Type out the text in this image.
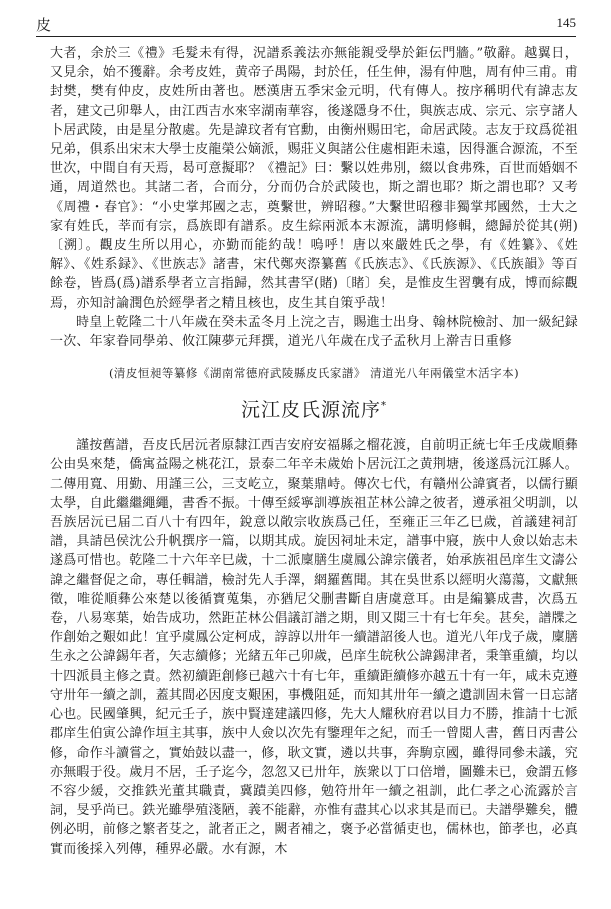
皮	145

大者，余於三《禮》毛髮未有得，況譜系義法亦無能親受學於鉅伝門牆。”敬辭。越翼日，又見余，始不獲辭。余考皮姓，黄帝子禺陽，封於任，任生伸，湯有仲虺，周有仲三甫。甫封樊，樊有仲皮，皮姓所由著也。厯漢唐五季宋金元明，代有傳人。按序稱明代有諱志友者，建文己卯舉人，由江西吉水來宰湖南華容，後遂隱身不仕，與族志成、宗元、宗亨諸人卜居武陵，由是星分散處。先是諱玟者有官勳，由衡州赐田宅，命居武陵。志友于玟爲從祖兄弟，俱系出宋末大學士皮龍榮公嫡派，赐莊义與諸公住處相距未遠，因得滙合源流，不至世次，中間自有天焉，曷可意擬耶？《禮記》曰：繫以姓弗別，綴以食弗殊，百世而婚姻不通，周道然也。其諸二者，合而分，分而仍合於武陵也，斯之謂也耶？斯之謂也耶？又考《周禮・春官》：“小史掌邦國之志，奠繫世，辨昭穆。”大繫世昭穆非獨掌邦國然，士大之家有姓氏，莘而有宗，爲族即有譜系。皮生綜兩派本末源流，講明修輯，總歸於從其(朔)〔溯〕。觀皮生所以用心，亦勤而能約哉！嗚呼！唐以來嚴姓氏之學，有《姓纂》、《姓解》、《姓系録》、《世族志》諸書，宋代鄭夾漈纂舊《氏族志》、《氏族源》、《氏族韻》等百餘卷，皆爲(爲)譜系學者立言指歸，然其書罕(賭)〔睹〕矣，是惟皮生習襲有成，博而綜觀焉，亦知討論潤色於經學者之精且核也，皮生其自策乎哉！

時皇上乾隆二十八年歲在癸未孟冬月上浣之吉，賜進士出身、翰林院檢討、加一級紀録一次、年家眷同學弟、攸江陳夢元拜撰，道光八年歲在戊子孟秋月上澣吉日重修

(清皮恒昶等纂修《湖南常德府武陵縣皮氏家譜》 清道光八年兩儀堂木活字本)
沅江皮氏源流序*

謹按舊譜，吾皮氏居沅者原隸江西吉安府安福縣之榴花渡，自前明正統七年壬戌歲順彝公由吳來楚，僑寓益陽之桃花江，景泰二年辛未歲始卜居沅江之黄荆塘，後遂爲沅江縣人。二傳用寬、用勤、用謹三公，三支屹立，聚葉鼎峙。傳次七代，有贛州公諱賓者，以儒行顯太學，自此繼繼繩繩，書香不振。十傳至綏寧訓導族祖芷林公諱之彼者，遵承祖父明訓，以吾族居沅已届二百八十有四年，銳意以敞宗收族爲己任，至雍正三年乙巳歲，首議建祠訂譜，具請邑侯沈公升帆撰序一篇，以期其成。旋因祠址未定，譜事中寢，族中人僉以始志未遂爲可惜也。乾隆二十六年辛巳歲，十二派廩膳生虞鳳公諱宗儀者，始承族祖邑庠生文濤公諱之繼督促之命，專任輯譜，檢討先人手澤，網羅舊聞。其在吳世系以經明火蕩蕩，文獻無徵，唯從順彝公來楚以後循寳蒐集，亦猶尼父删書斷自唐虞意耳。由是編纂成書，次爲五卷，八易寒葉，始告成功，然距芷林公倡議訂譜之期，則又閲三十有七年矣。甚矣，譜牒之作創始之艱如此！宜乎虞鳳公定柯成，諄諄以卅年一續譜詔後人也。道光八年戊子歲，廩膳生永之公諱錫年者，矢志續修；光緒五年己卯歲，邑庠生皖秋公諱錫津者，秉筆重續，均以十四派員主修之責。然初續距創修已越六十有七年，重續距續修亦越五十有一年，咸未克遵守卅年一續之訓，蓋其間必因度支艱困，事機阻延，而知其卅年一續之遺訓固未嘗一日忘諸心也。民國肇興，紀元壬子，族中賢達建議四修，先大人耀秋府君以目力不勝，推請十七派郡庠生伯寅公諱作垣主其事，族中人僉以次先有鑒理年之紀，而壬一曾閲人書，舊日丙書公修，命作斗讀嘗之，實始鼓以盡一，修，耿文實，遴以共事，奔駒京國，雖得同參未議，究亦無暇于役。歲月不居，壬子迄今，忽忽又已卅年，族衆以丁口倍增，圖難未已，僉謂五修不容少緩，交推鉄光董其職責，冀蹟美四修，勉符卅年一續之祖訓，此仁孝之心流露於言詞，旻乎尚已。鉄光雖學殖淺陋，義不能辭，亦惟有盡其心以求其是而已。夫譜學難矣，體例必明，前修之繁者芟之，訛者正之，闕者補之，褒予必當循吏也，儒林也，節孝也，必真實而後採入列傳，種界必嚴。水有源，木
